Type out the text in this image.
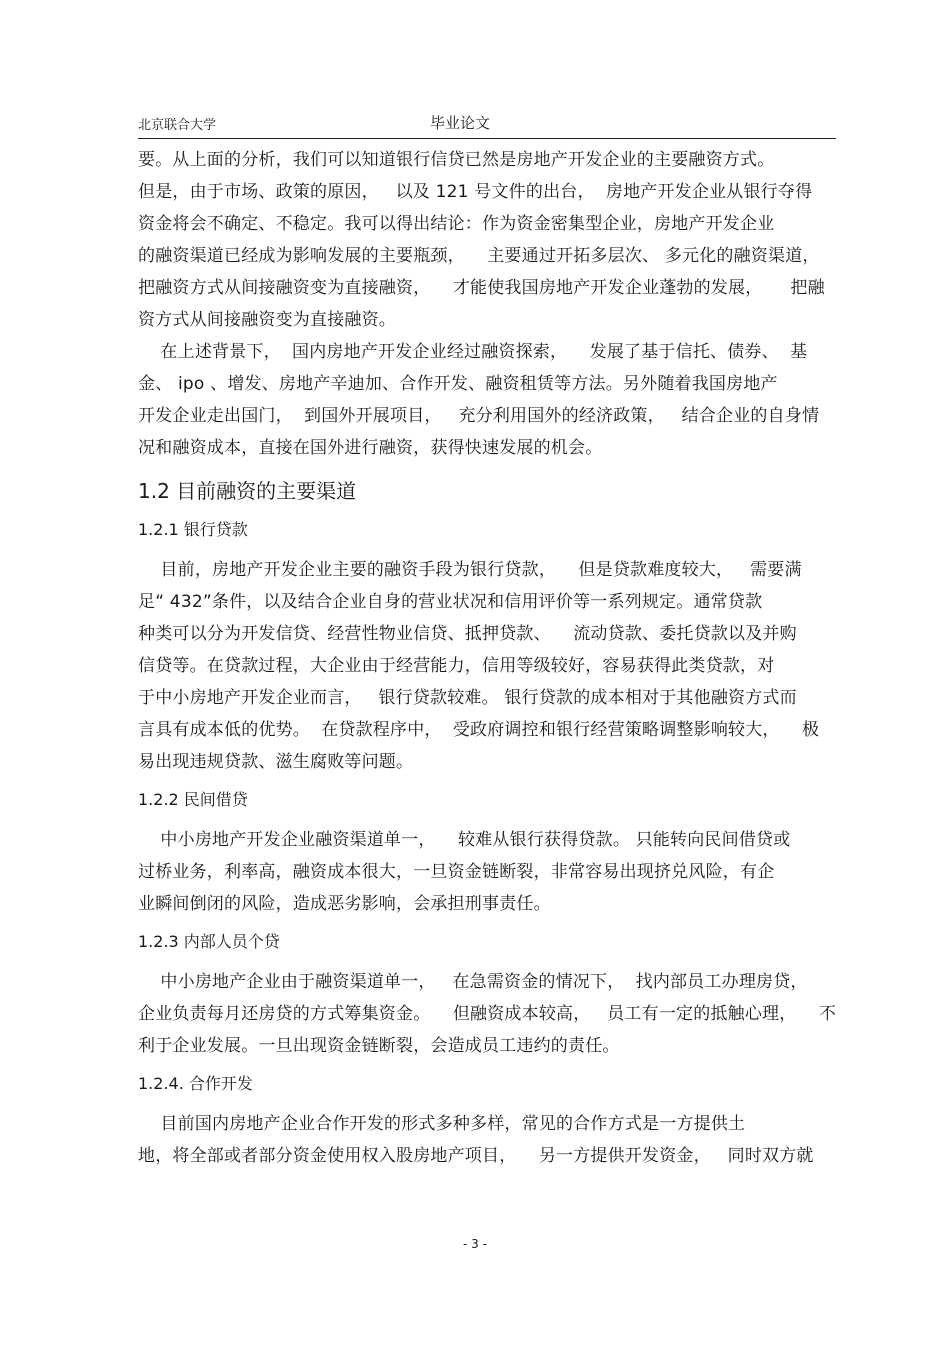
北京联合大学	毕业论文

要。从上面的分析，我们可以知道银行信贷已然是房地产开发企业的主要融资方式。
但是，由于市场、政策的原因，   以及 121 号文件的出台，  房地产开发企业从银行夺得
资金将会不确定、不稳定。我可以得出结论：作为资金密集型企业，房地产开发企业
的融资渠道已经成为影响发展的主要瓶颈，    主要通过开拓多层次、 多元化的融资渠道，
把融资方式从间接融资变为直接融资，    才能使我国房地产开发企业蓬勃的发展，     把融
资方式从间接融资变为直接融资。

在上述背景下，  国内房地产开发企业经过融资探索，    发展了基于信托、债券、  基
金、 ipo 、增发、房地产辛迪加、合作开发、融资租赁等方法。另外随着我国房地产
开发企业走出国门，  到国外开展项目，   充分利用国外的经济政策，   结合企业的自身情
况和融资成本，直接在国外进行融资，获得快速发展的机会。

1.2 目前融资的主要渠道
1.2.1 银行贷款

目前，房地产开发企业主要的融资手段为银行贷款，    但是贷款难度较大，   需要满
足“ 432”条件，以及结合企业自身的营业状况和信用评价等一系列规定。通常贷款
种类可以分为开发信贷、经营性物业信贷、抵押贷款、    流动贷款、委托贷款以及并购
信贷等。在贷款过程，大企业由于经营能力，信用等级较好，容易获得此类贷款，对
于中小房地产开发企业而言，   银行贷款较难。 银行贷款的成本相对于其他融资方式而
言具有成本低的优势。  在贷款程序中，  受政府调控和银行经营策略调整影响较大，    极
易出现违规贷款、滋生腐败等问题。

1.2.2 民间借贷

中小房地产开发企业融资渠道单一，    较难从银行获得贷款。 只能转向民间借贷或
过桥业务，利率高，融资成本很大，一旦资金链断裂，非常容易出现挤兑风险，有企
业瞬间倒闭的风险，造成恶劣影响，会承担刑事责任。

1.2.3 内部人员个贷

中小房地产企业由于融资渠道单一，   在急需资金的情况下，  找内部员工办理房贷，
企业负责每月还房贷的方式筹集资金。    但融资成本较高，   员工有一定的抵触心理，    不
利于企业发展。一旦出现资金链断裂，会造成员工违约的责任。

1.2.4. 合作开发

目前国内房地产企业合作开发的形式多种多样，常见的合作方式是一方提供土
地，将全部或者部分资金使用权入股房地产项目，    另一方提供开发资金，   同时双方就

- 3 -
